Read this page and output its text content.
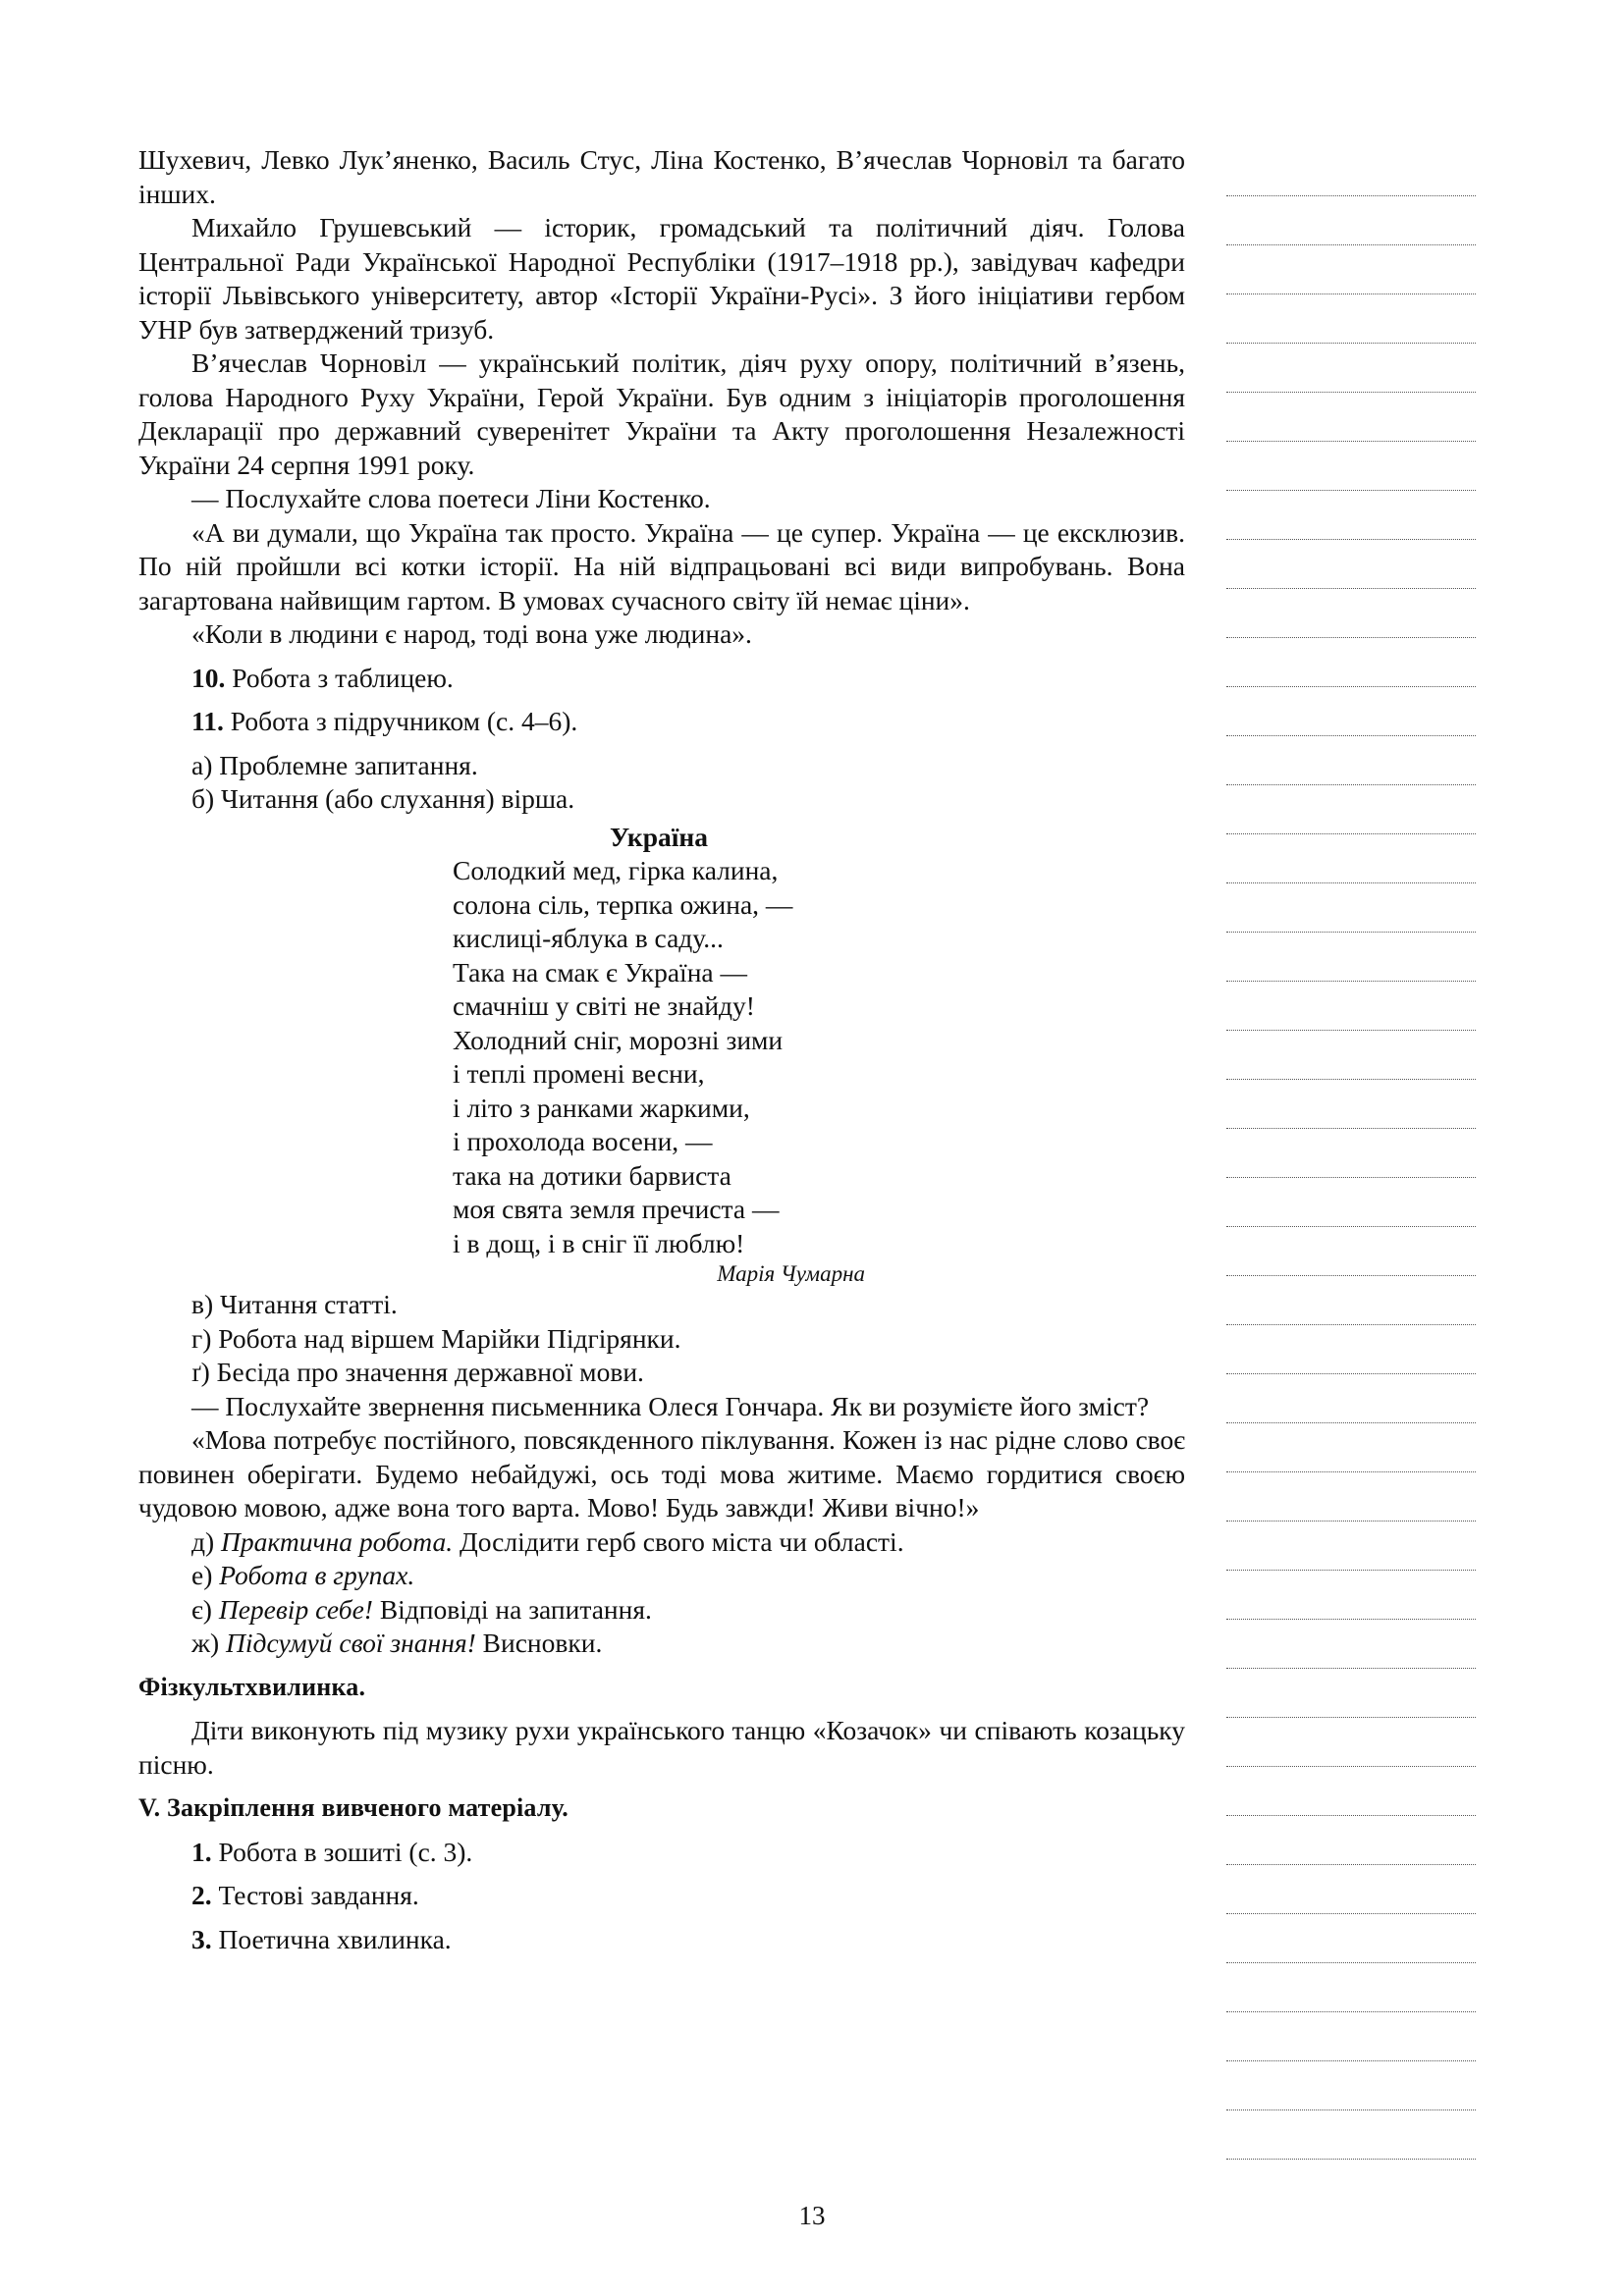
Шухевич, Левко Лук’яненко, Василь Стус, Ліна Костенко, В’ячеслав Чорновіл та багато інших.

Михайло Грушевський — історик, громадський та політичний діяч. Голова Центральної Ради Української Народної Республіки (1917–1918 рр.), завідувач кафедри історії Львівського університету, автор «Історії України-Русі». З його ініціативи гербом УНР був затверджений тризуб.

В’ячеслав Чорновіл — український політик, діяч руху опору, політичний в’язень, голова Народного Руху України, Герой України. Був одним з ініціаторів проголошення Декларації про державний суверенітет України та Акту проголошення Незалежності України 24 серпня 1991 року.

— Послухайте слова поетеси Ліни Костенко.

«А ви думали, що Україна так просто. Україна — це супер. Україна — це ексклюзив. По ній пройшли всі котки історії. На ній відпрацьовані всі види випробувань. Вона загартована найвищим гартом. В умовах сучасного світу їй немає ціни».

«Коли в людини є народ, тоді вона уже людина».

10. Робота з таблицею.

11. Робота з підручником (с. 4–6).

а) Проблемне запитання.

б) Читання (або слухання) вірша.

Україна

Солодкий мед, гірка калина,

солона сіль, терпка ожина, —

кислиці-яблука в саду...

Така на смак є Україна —

смачніш у світі не знайду!

Холодний сніг, морозні зими

і теплі промені весни,

і літо з ранками жаркими,

і прохолода восени, —

така на дотики барвиста

моя свята земля пречиста —

і в дощ, і в сніг її люблю!

Марія Чумарна

в) Читання статті.

г) Робота над віршем Марійки Підгірянки.

ґ) Бесіда про значення державної мови.

— Послухайте звернення письменника Олеся Гончара. Як ви розумієте його зміст?

«Мова потребує постійного, повсякденного піклування. Кожен із нас рідне слово своє повинен оберігати. Будемо небайдужі, ось тоді мова житиме. Маємо гордитися своєю чудовою мовою, адже вона того варта. Мово! Будь завжди! Живи вічно!»

д) Практична робота. Дослідити герб свого міста чи області.

е) Робота в групах.

є) Перевір себе! Відповіді на запитання.

ж) Підсумуй свої знання! Висновки.

Фізкультхвилинка.

Діти виконують під музику рухи українського танцю «Козачок» чи співають козацьку пісню.

V. Закріплення вивченого матеріалу.

1. Робота в зошиті (с. 3).

2. Тестові завдання.

3. Поетична хвилинка.

13
